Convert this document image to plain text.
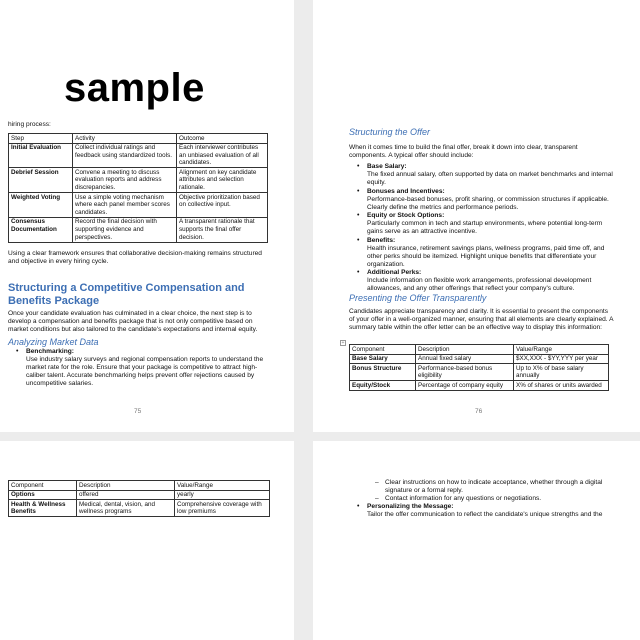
hiring process:
Step	Activity	Outcome
Initial Evaluation	Collect individual ratings and feedback using standardized tools.	Each interviewer contributes an unbiased evaluation of all candidates.
Debrief Session	Convene a meeting to discuss evaluation reports and address discrepancies.	Alignment on key candidate attributes and selection rationale.
Weighted Voting	Use a simple voting mechanism where each panel member scores candidates.	Objective prioritization based on collective input.
Consensus Documentation	Record the final decision with supporting evidence and perspectives.	A transparent rationale that supports the final offer decision.
Using a clear framework ensures that collaborative decision-making remains structured and objective in every hiring cycle.
Structuring a Competitive Compensation and Benefits Package
Once your candidate evaluation has culminated in a clear choice, the next step is to develop a compensation and benefits package that is not only competitive based on market conditions but also tailored to the candidate's expectations and internal equity.
Analyzing Market Data
• Benchmarking:
Use industry salary surveys and regional compensation reports to understand the market rate for the role. Ensure that your package is competitive to attract high-caliber talent. Accurate benchmarking helps prevent offer rejections caused by uncompetitive salaries.
75
Structuring the Offer
When it comes time to build the final offer, break it down into clear, transparent components. A typical offer should include:
• Base Salary:
The fixed annual salary, often supported by data on market benchmarks and internal equity.
• Bonuses and Incentives:
Performance-based bonuses, profit sharing, or commission structures if applicable. Clearly define the metrics and performance periods.
• Equity or Stock Options:
Particularly common in tech and startup environments, where potential long-term gains serve as an attractive incentive.
• Benefits:
Health insurance, retirement savings plans, wellness programs, paid time off, and other perks should be itemized. Highlight unique benefits that differentiate your organization.
• Additional Perks:
Include information on flexible work arrangements, professional development allowances, and any other offerings that reflect your company's culture.
Presenting the Offer Transparently
Candidates appreciate transparency and clarity. It is essential to present the components of your offer in a well-organized manner, ensuring that all elements are clearly explained. A summary table within the offer letter can be an effective way to display this information:
Component	Description	Value/Range
Base Salary	Annual fixed salary	$XX,XXX - $YY,YYY per year
Bonus Structure	Performance-based bonus eligibility	Up to X% of base salary annually
Equity/Stock	Percentage of company equity	X% of shares or units awarded
76
+
Component	Description	Value/Range
Options	offered	yearly
Health & Wellness Benefits	Medical, dental, vision, and wellness programs	Comprehensive coverage with low premiums
– Clear instructions on how to indicate acceptance, whether through a digital signature or a formal reply.
– Contact information for any questions or negotiations.
• Personalizing the Message:
Tailor the offer communication to reflect the candidate's unique strengths and the
sample
